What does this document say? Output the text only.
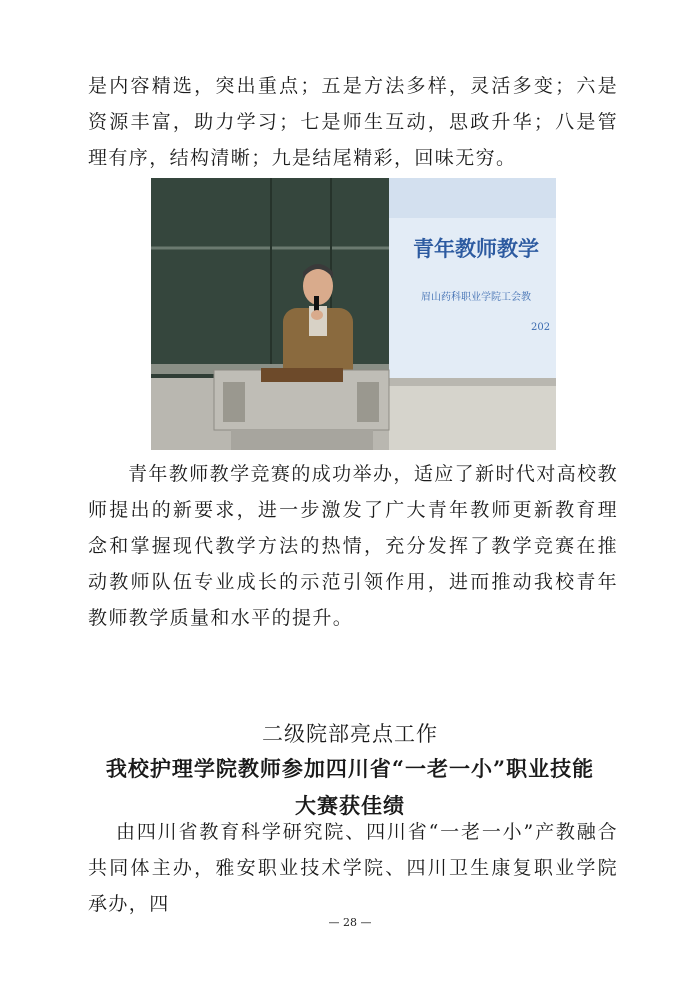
是内容精选，突出重点；五是方法多样，灵活多变；六是资源丰富，助力学习；七是师生互动，思政升华；八是管理有序，结构清晰；九是结尾精彩，回味无穷。

青年教师教学
眉山药科职业学院工会教
202

青年教师教学竞赛的成功举办，适应了新时代对高校教师提出的新要求，进一步激发了广大青年教师更新教育理念和掌握现代教学方法的热情，充分发挥了教学竞赛在推动教师队伍专业成长的示范引领作用，进而推动我校青年教师教学质量和水平的提升。

二级院部亮点工作
我校护理学院教师参加四川省“一老一小”职业技能
大赛获佳绩

由四川省教育科学研究院、四川省“一老一小”产教融合共同体主办，雅安职业技术学院、四川卫生康复职业学院承办，四

— 28 —
